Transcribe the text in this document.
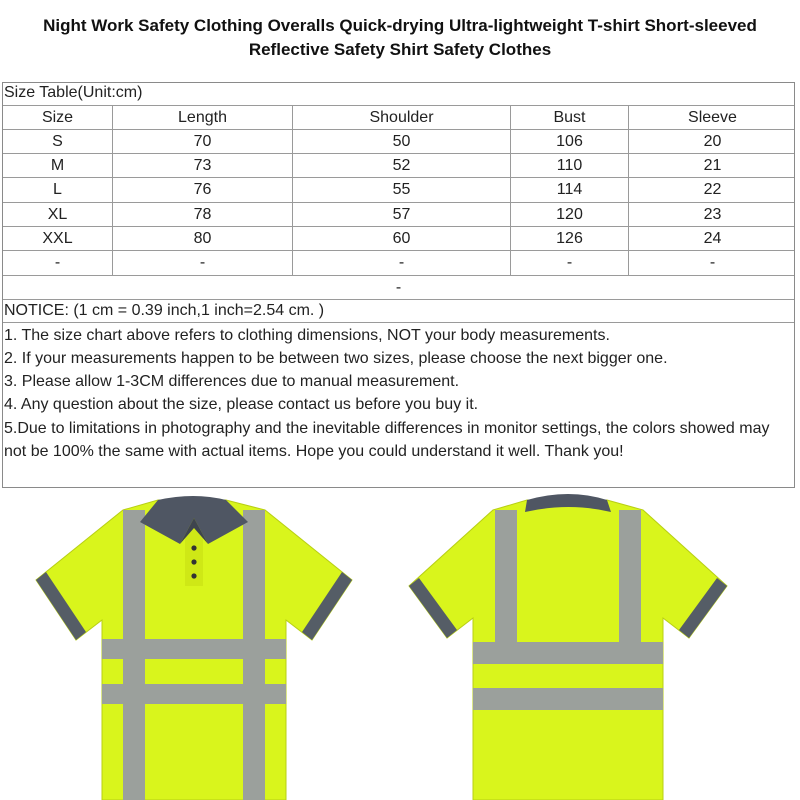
Night Work Safety Clothing Overalls Quick-drying Ultra-lightweight T-shirt Short-sleeved
Reflective Safety Shirt Safety Clothes
Size Table(Unit:cm)
Size	Length	Shoulder	Bust	Sleeve
S	70	50	106	20
M	73	52	110	21
L	76	55	114	22
XL	78	57	120	23
XXL	80	60	126	24
-	-	-	-	-
-
NOTICE: (1 cm = 0.39 inch,1 inch=2.54 cm. )
1. The size chart above refers to clothing dimensions, NOT your body measurements.
2. If your measurements happen to be between two sizes, please choose the next bigger one.
3. Please allow 1-3CM differences due to manual measurement.
4. Any question about the size, please contact us before you buy it.
5.Due to limitations in photography and the inevitable differences in monitor settings, the colors showed may not be 100% the same with actual items. Hope you could understand it well. Thank you!
